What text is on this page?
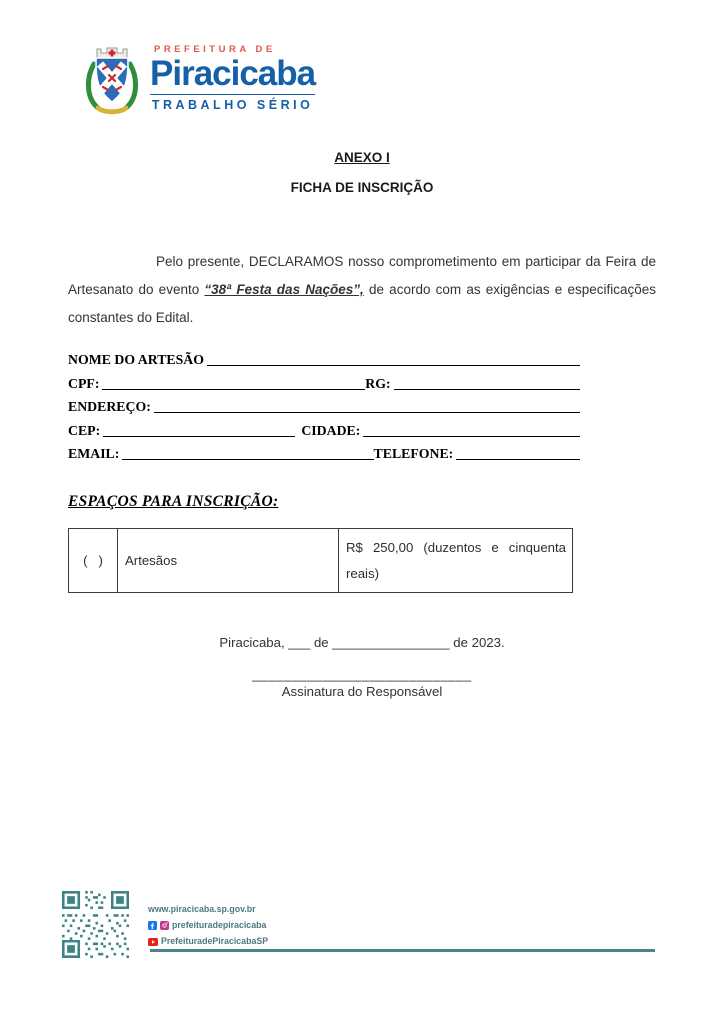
PREFEITURA DE
Piracicaba
TRABALHO SÉRIO
ANEXO I
FICHA DE INSCRIÇÃO

Pelo presente, DECLARAMOS nosso comprometimento em participar da Feira de Artesanato do evento “38ª Festa das Nações”, de acordo com as exigências e especificações constantes do Edital.

NOME DO ARTESÃO
CPF:	RG:
ENDEREÇO:
CEP:	CIDADE:
EMAIL:	TELEFONE:
ESPAÇOS PARA INSCRIÇÃO:
(   )	Artesãos	R$ 250,00 (duzentos e cinquenta reais)
Piracicaba, ___ de ________________ de 2023.
____________________________
Assinatura do Responsável
www.piracicaba.sp.gov.br
prefeituradepiracicaba
PrefeituradePiracicabaSP
